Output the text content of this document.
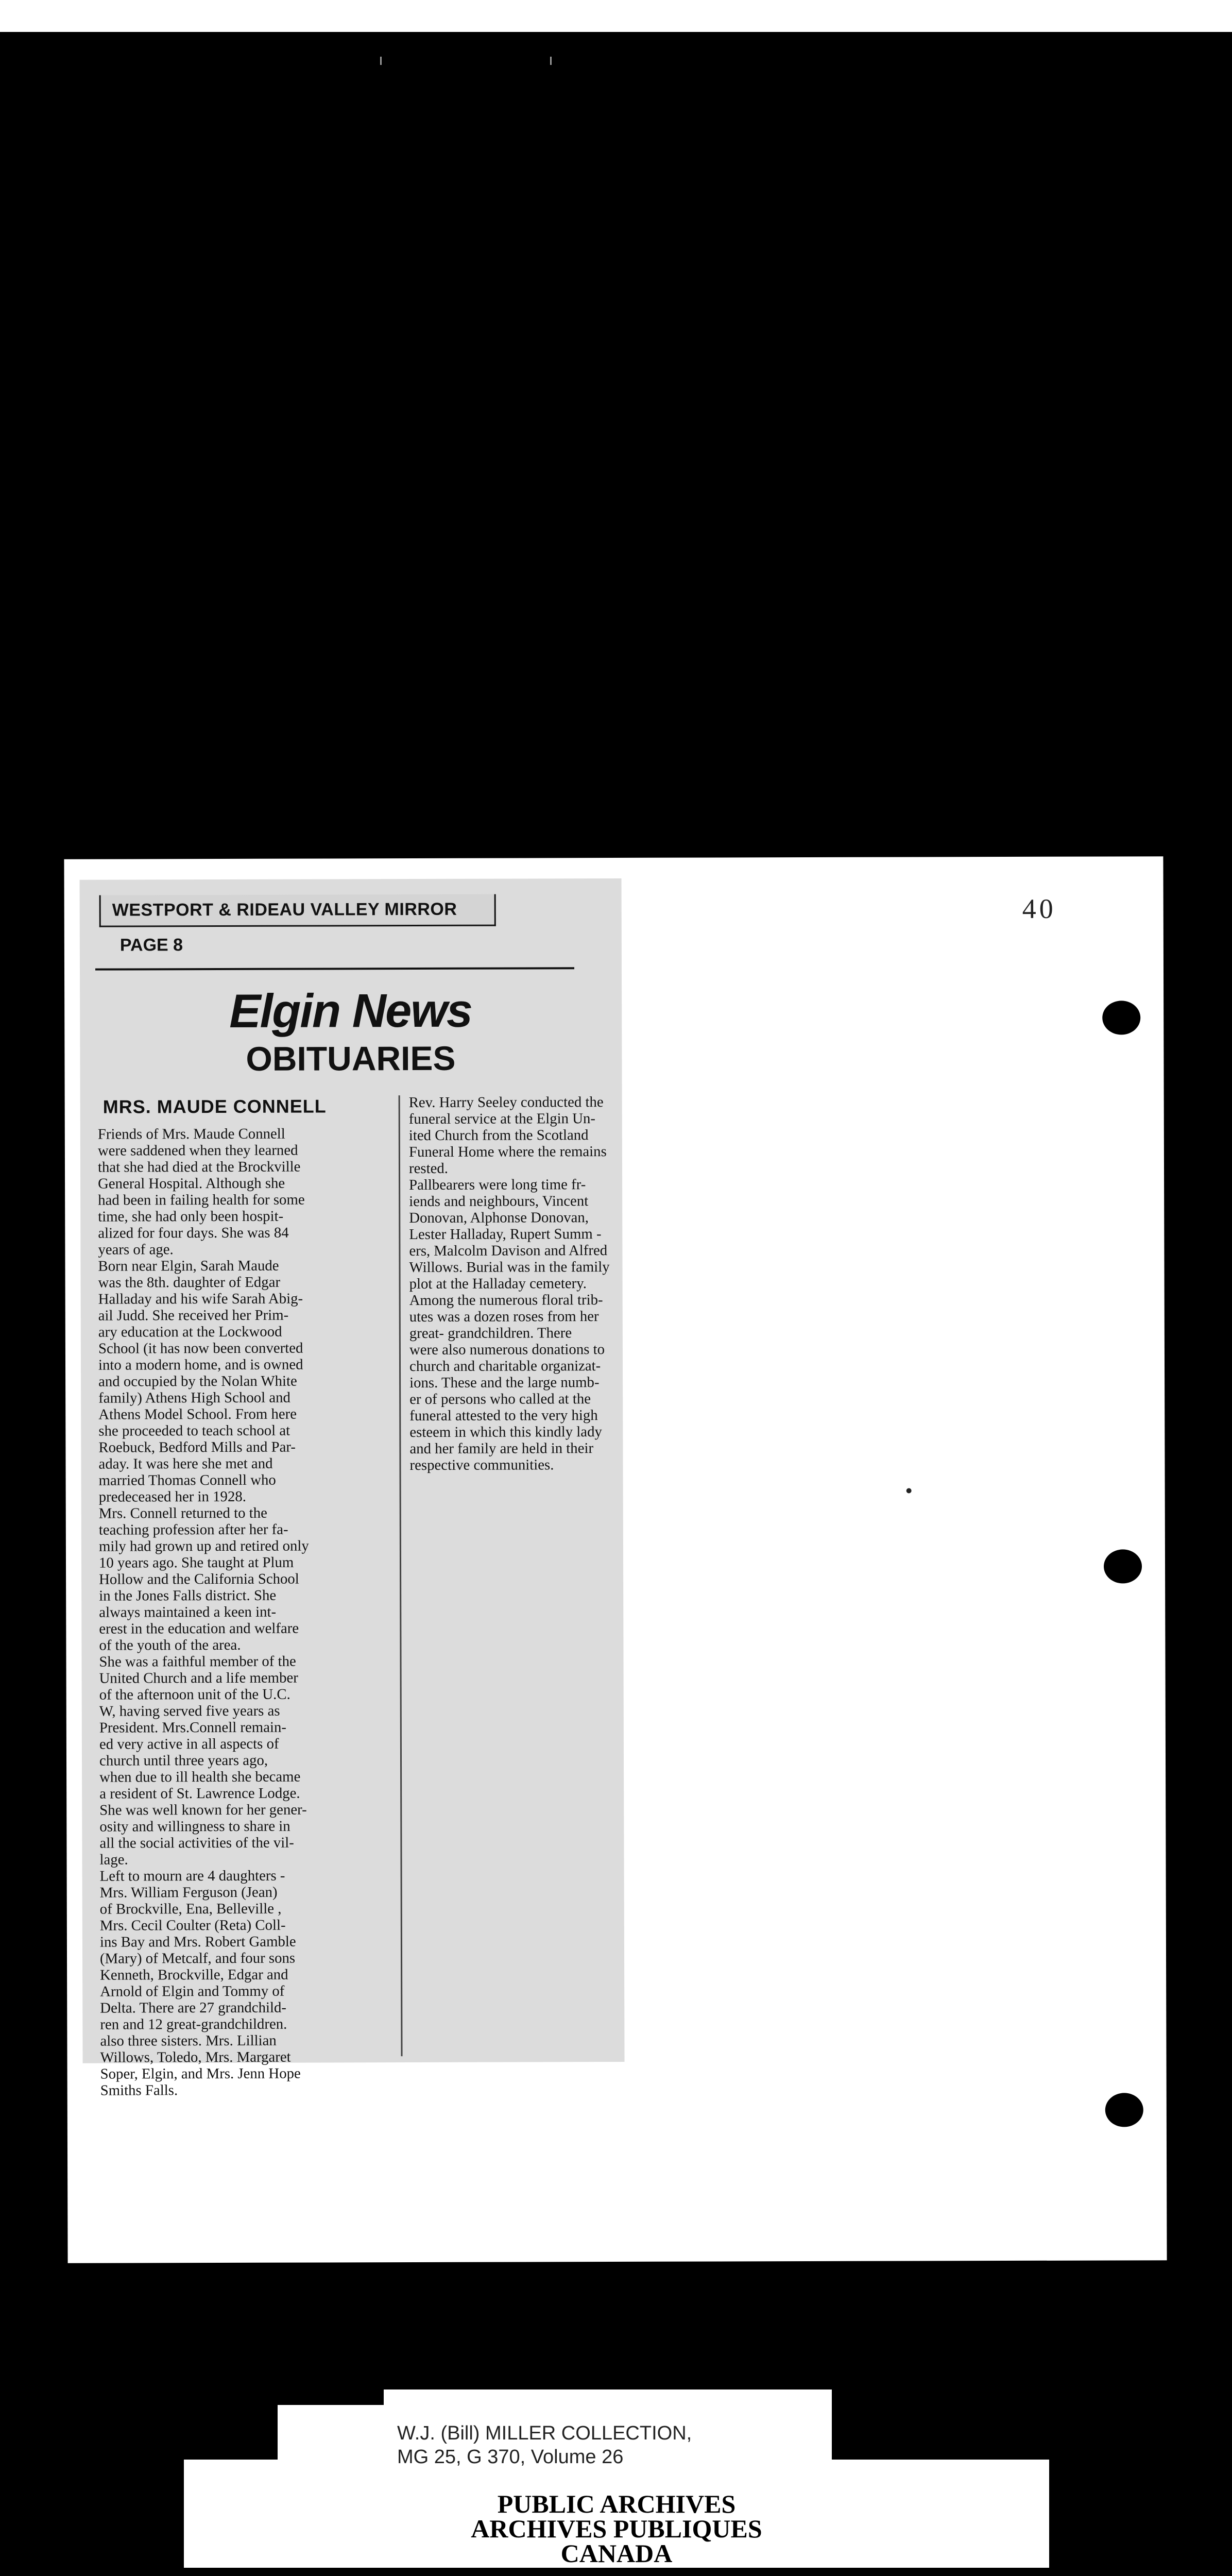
WESTPORT & RIDEAU VALLEY MIRROR
PAGE 8
Elgin News
OBITUARIES
MRS. MAUDE CONNELL
Friends of Mrs. Maude Connell
were saddened when they learned
that she had died at the Brockville
General Hospital. Although she
had been in failing health for some
time, she had only been hospit-
alized for four days. She was 84
years of age.
Born near Elgin, Sarah Maude
was the 8th. daughter of Edgar
Halladay and his wife Sarah Abig-
ail Judd. She received her Prim-
ary education at the Lockwood
School (it has now been converted
into a modern home, and is owned
and occupied by the Nolan White
family) Athens High School and
Athens Model School. From here
she proceeded to teach school at
Roebuck, Bedford Mills and Par-
aday. It was here she met and
married Thomas Connell who
predeceased her in 1928.
Mrs. Connell returned to the
teaching profession after her fa-
mily had grown up and retired only
10 years ago. She taught at Plum
Hollow and the California School
in the Jones Falls district. She
always maintained a keen int-
erest in the education and welfare
of the youth of the area.
She was a faithful member of the
United Church and a life member
of the afternoon unit of the U.C.
W, having served five years as
President. Mrs.Connell remain-
ed very active in all aspects of
church until three years ago,
when due to ill health she became
a resident of St. Lawrence Lodge.
She was well known for her gener-
osity and willingness to share in
all the social activities of the vil-
lage.
Left to mourn are 4 daughters -
Mrs. William Ferguson (Jean)
of Brockville, Ena, Belleville ,
Mrs. Cecil Coulter (Reta) Coll-
ins Bay and Mrs. Robert Gamble
(Mary) of Metcalf, and four sons
Kenneth, Brockville, Edgar and
Arnold of Elgin and Tommy of
Delta. There are 27 grandchild-
ren and 12 great-grandchildren.
also three sisters. Mrs. Lillian
Willows, Toledo, Mrs. Margaret
Soper, Elgin, and Mrs. Jenn Hope
Smiths Falls.
Rev. Harry Seeley conducted the
funeral service at the Elgin Un-
ited Church from the Scotland
Funeral Home where the remains
rested.
Pallbearers were long time fr-
iends and neighbours, Vincent
Donovan, Alphonse Donovan,
Lester Halladay, Rupert Summ -
ers, Malcolm Davison and Alfred
Willows. Burial was in the family
plot at the Halladay cemetery.
Among the numerous floral trib-
utes was a dozen roses from her
great- grandchildren. There
were also numerous donations to
church and charitable organizat-
ions. These and the large numb-
er of persons who called at the
funeral attested to the very high
esteem in which this kindly lady
and her family are held in their
respective communities.
40
W.J. (Bill) MILLER COLLECTION,
MG 25, G 370, Volume 26
PUBLIC ARCHIVES
ARCHIVES PUBLIQUES
CANADA
